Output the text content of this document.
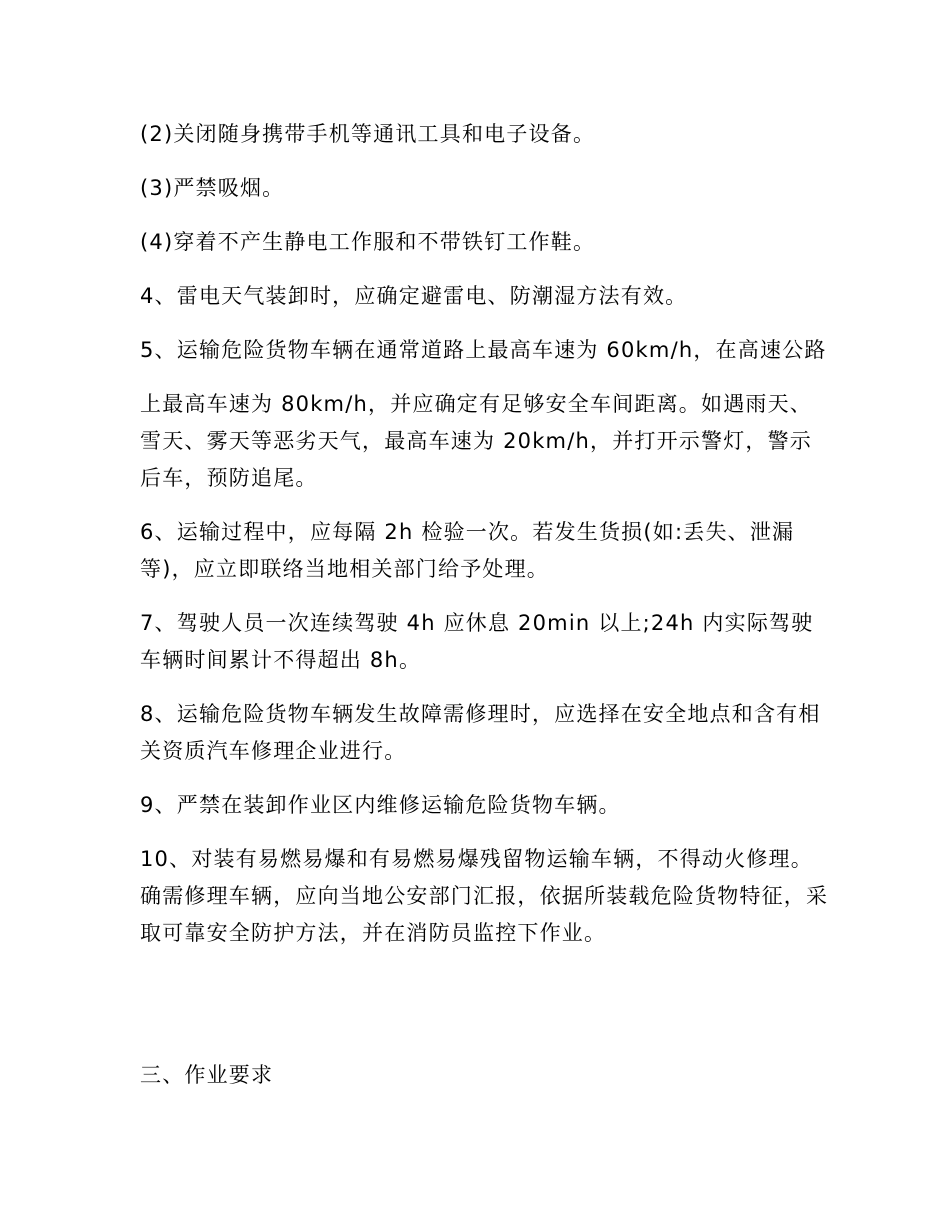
(2)关闭随身携带手机等通讯工具和电子设备。

(3)严禁吸烟。

(4)穿着不产生静电工作服和不带铁钉工作鞋。

4、雷电天气装卸时，应确定避雷电、防潮湿方法有效。

5、运输危险货物车辆在通常道路上最高车速为 60km/h，在高速公路

上最高车速为 80km/h，并应确定有足够安全车间距离。如遇雨天、雪天、雾天等恶劣天气，最高车速为 20km/h，并打开示警灯，警示后车，预防追尾。

6、运输过程中，应每隔 2h 检验一次。若发生货损(如:丢失、泄漏等)，应立即联络当地相关部门给予处理。

7、驾驶人员一次连续驾驶 4h 应休息 20min 以上;24h 内实际驾驶车辆时间累计不得超出 8h。

8、运输危险货物车辆发生故障需修理时，应选择在安全地点和含有相关资质汽车修理企业进行。

9、严禁在装卸作业区内维修运输危险货物车辆。

10、对装有易燃易爆和有易燃易爆残留物运输车辆，不得动火修理。确需修理车辆，应向当地公安部门汇报，依据所装载危险货物特征，采取可靠安全防护方法，并在消防员监控下作业。

三、作业要求
